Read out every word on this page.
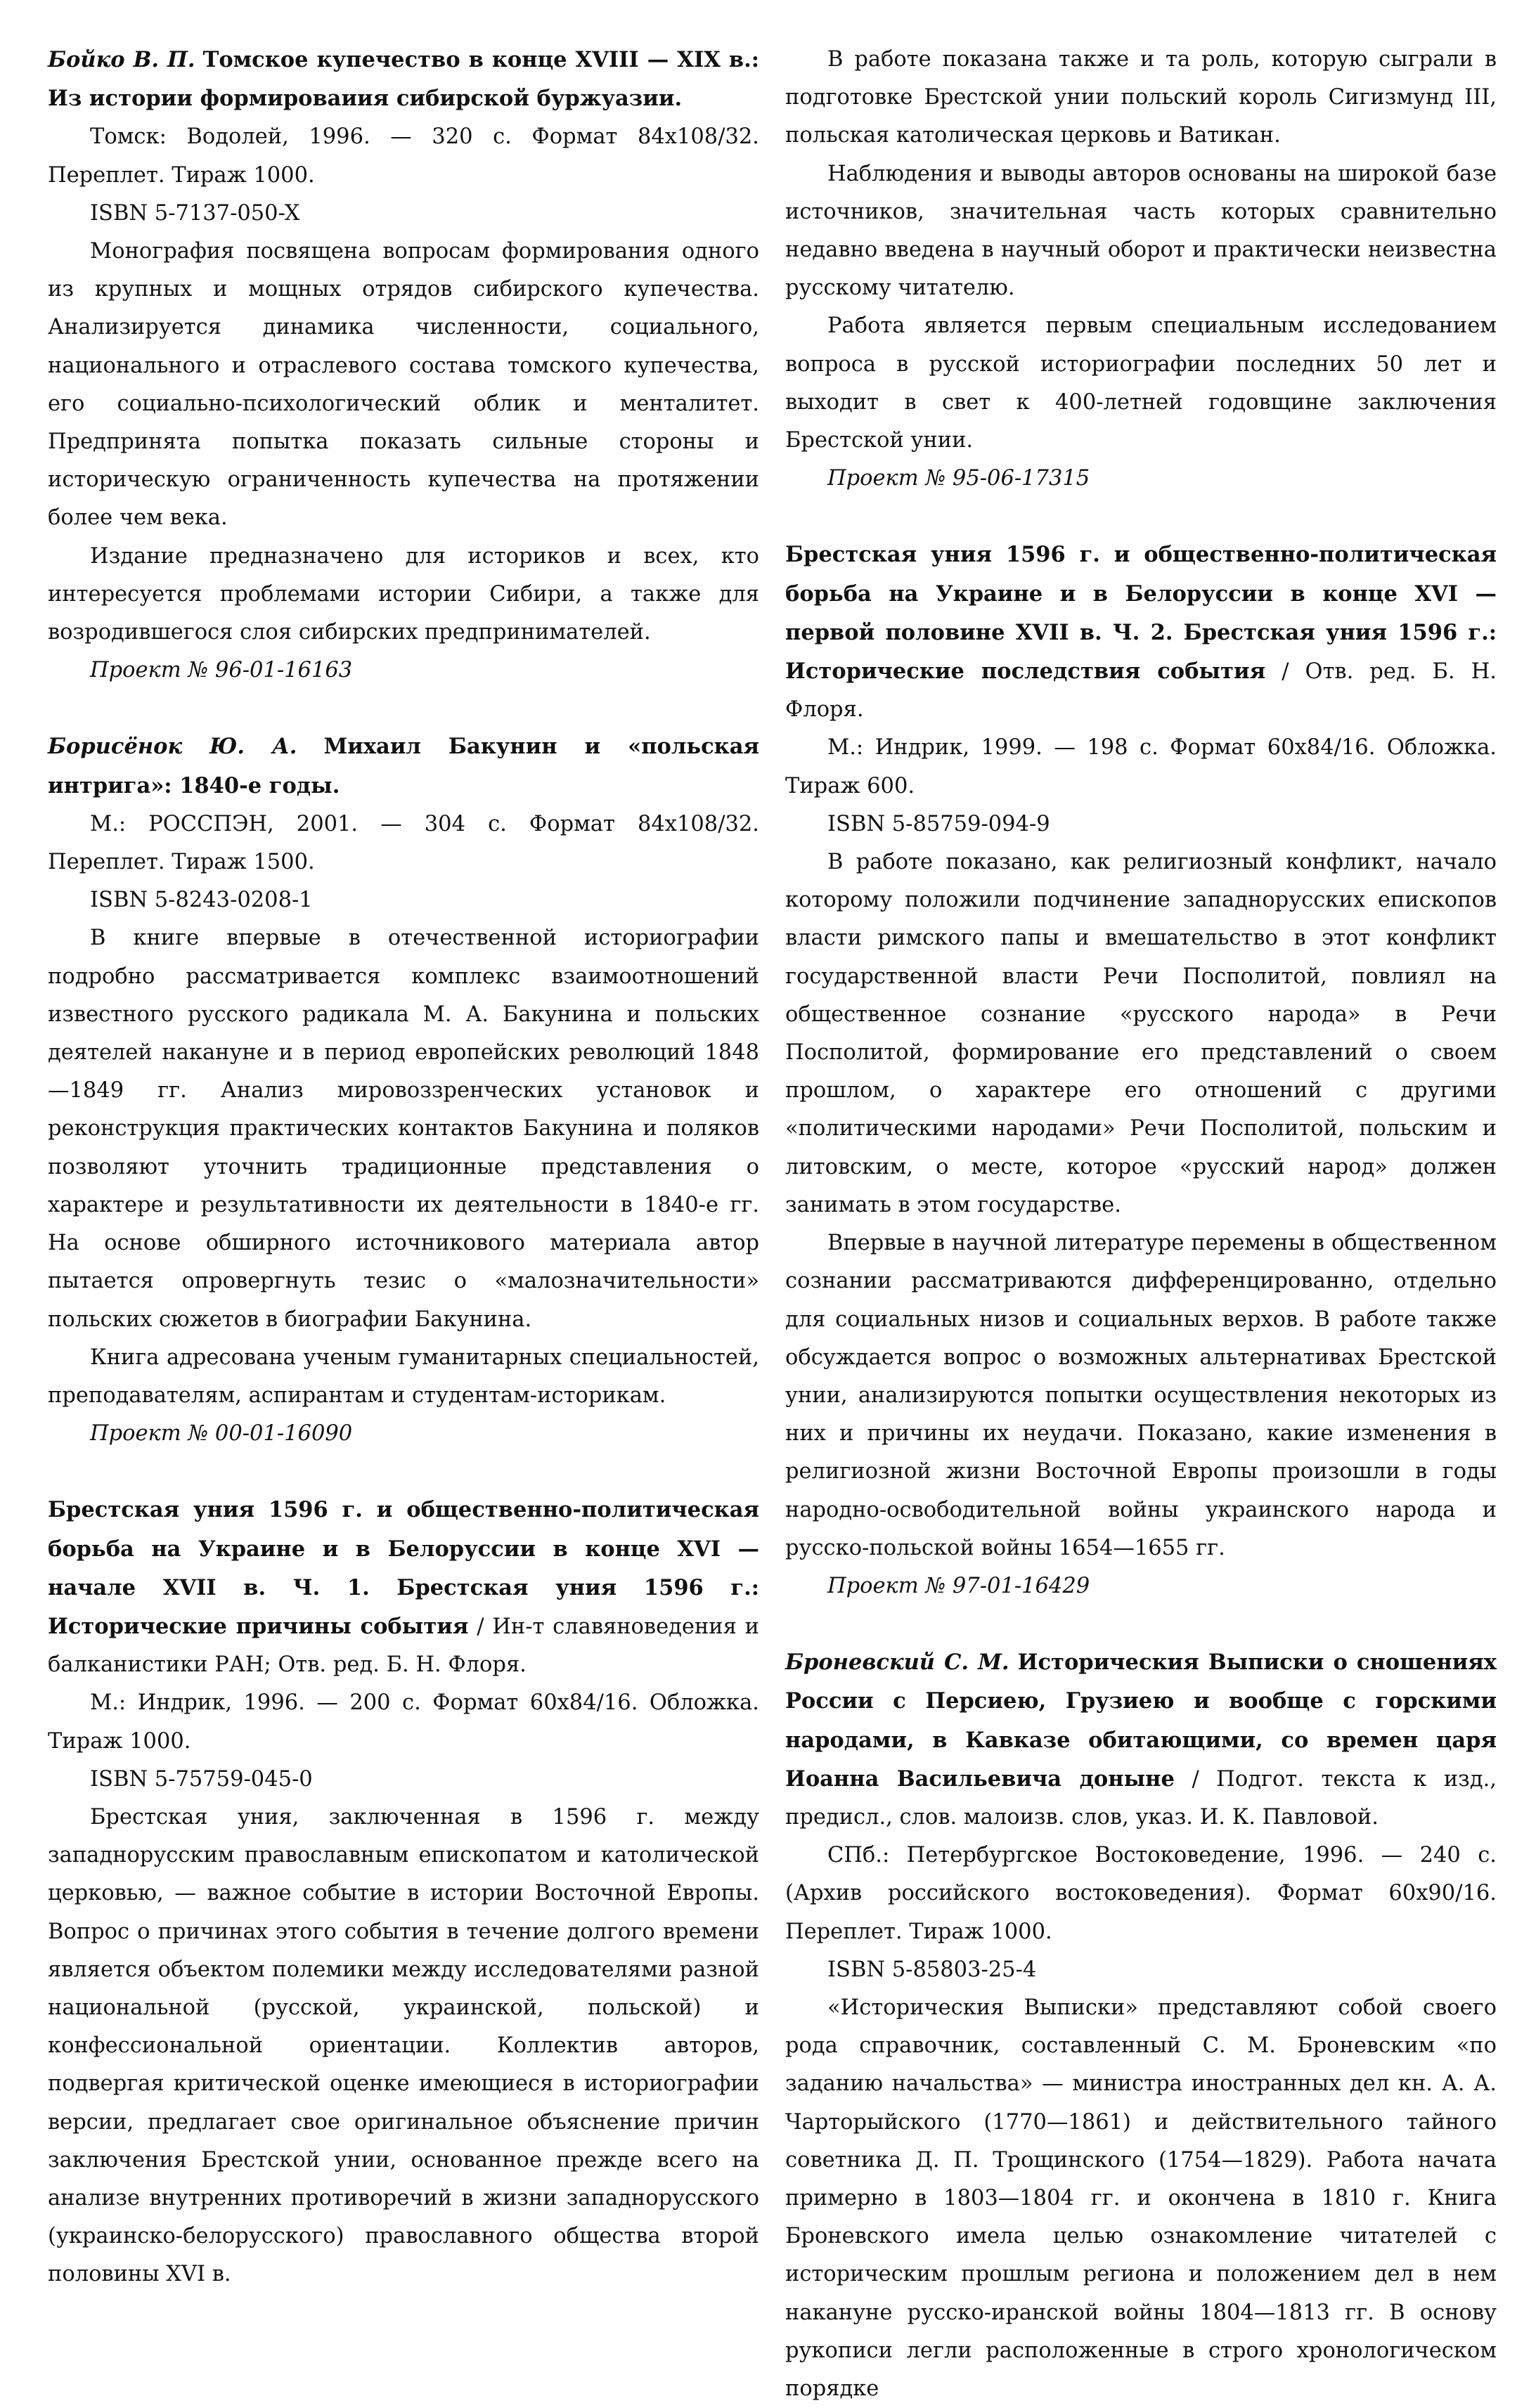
Бойко В. П. Томское купечество в конце XVIII — XIX в.: Из истории формироваиия сибирской буржуазии.

Томск: Водолей, 1996. — 320 с. Формат 84х108/32. Переплет. Тираж 1000.

ISBN 5-7137-050-X

Монография посвящена вопросам формирования одного из крупных и мощных отрядов сибирского купечества. Анализируется динамика численности, социального, национального и отраслевого состава томского купечества, его социально-психологический облик и менталитет. Предпринята попытка показать сильные стороны и историческую ограниченность купечества на протяжении более чем века.

Издание предназначено для историков и всех, кто интересуется проблемами истории Сибири, а также для возродившегося слоя сибирских предпринимателей.

Проект № 96-01-16163

Борисёнок Ю. А. Михаил Бакунин и «польская интрига»: 1840-е годы.

М.: РОССПЭН, 2001. — 304 с. Формат 84х108/32. Переплет. Тираж 1500.

ISBN 5-8243-0208-1

В книге впервые в отечественной историографии подробно рассматривается комплекс взаимоотношений известного русского радикала М. А. Бакунина и польских деятелей накануне и в период европейских революций 1848—1849 гг. Анализ мировоззренческих установок и реконструкция практических контактов Бакунина и поляков позволяют уточнить традиционные представления о характере и результативности их деятельности в 1840-е гг. На основе обширного источникового материала автор пытается опровергнуть тезис о «малозначительности» польских сюжетов в биографии Бакунина.

Книга адресована ученым гуманитарных специальностей, преподавателям, аспирантам и студентам-историкам.

Проект № 00-01-16090

Брестская уния 1596 г. и общественно-политическая борьба на Украине и в Белоруссии в конце XVI — начале XVII в. Ч. 1. Брестская уния 1596 г.: Исторические причины события / Ин-т славяноведения и балканистики РАН; Отв. ред. Б. Н. Флоря.

М.: Индрик, 1996. — 200 с. Формат 60х84/16. Обложка. Тираж 1000.

ISBN 5-75759-045-0

Брестская уния, заключенная в 1596 г. между западнорусским православным епископатом и католической церковью, — важное событие в истории Восточной Европы. Вопрос о причинах этого события в течение долгого времени является объектом полемики между исследователями разной национальной (русской, украинской, польской) и конфессиональной ориентации. Коллектив авторов, подвергая критической оценке имеющиеся в историографии версии, предлагает свое оригинальное объяснение причин заключения Брестской унии, основанное прежде всего на анализе внутренних противоречий в жизни западнорусского (украинско-белорусского) православного общества второй половины XVI в.

В работе показана также и та роль, которую сыграли в подготовке Брестской унии польский король Сигизмунд III, польская католическая церковь и Ватикан.

Наблюдения и выводы авторов основаны на широкой базе источников, значительная часть которых сравнительно недавно введена в научный оборот и практически неизвестна русскому читателю.

Работа является первым специальным исследованием вопроса в русской историографии последних 50 лет и выходит в свет к 400-летней годовщине заключения Брестской унии.

Проект № 95-06-17315

Брестская уния 1596 г. и общественно-политическая борьба на Украине и в Белоруссии в конце XVI — первой половине XVII в. Ч. 2. Брестская уния 1596 г.: Исторические последствия события / Отв. ред. Б. Н. Флоря.

М.: Индрик, 1999. — 198 с. Формат 60х84/16. Обложка. Тираж 600.

ISBN 5-85759-094-9

В работе показано, как религиозный конфликт, начало которому положили подчинение западнорусских епископов власти римского папы и вмешательство в этот конфликт государственной власти Речи Посполитой, повлиял на общественное сознание «русского народа» в Речи Посполитой, формирование его представлений о своем прошлом, о характере его отношений с другими «политическими народами» Речи Посполитой, польским и литовским, о месте, которое «русский народ» должен занимать в этом государстве.

Впервые в научной литературе перемены в общественном сознании рассматриваются дифференцированно, отдельно для социальных низов и социальных верхов. В работе также обсуждается вопрос о возможных альтернативах Брестской унии, анализируются попытки осуществления некоторых из них и причины их неудачи. Показано, какие изменения в религиозной жизни Восточной Европы произошли в годы народно-освободительной войны украинского народа и русско-польской войны 1654—1655 гг.

Проект № 97-01-16429

Броневский С. М. Историческия Выписки о сношениях России с Персиею, Грузиею и вообще с горскими народами, в Кавказе обитающими, со времен царя Иоанна Васильевича доныне / Подгот. текста к изд., предисл., слов. малоизв. слов, указ. И. К. Павловой.

СПб.: Петербургское Востоковедение, 1996. — 240 с. (Архив российского востоковедения). Формат 60х90/16. Переплет. Тираж 1000.

ISBN 5-85803-25-4

«Историческия Выписки» представляют собой своего рода справочник, составленный С. М. Броневским «по заданию начальства» — министра иностранных дел кн. А. А. Чарторыйского (1770—1861) и действительного тайного советника Д. П. Трощинского (1754—1829). Работа начата примерно в 1803—1804 гг. и окончена в 1810 г. Книга Броневского имела целью ознакомление читателей с историческим прошлым региона и положением дел в нем накануне русско-иранской войны 1804—1813 гг. В основу рукописи легли расположенные в строго хронологическом порядке
